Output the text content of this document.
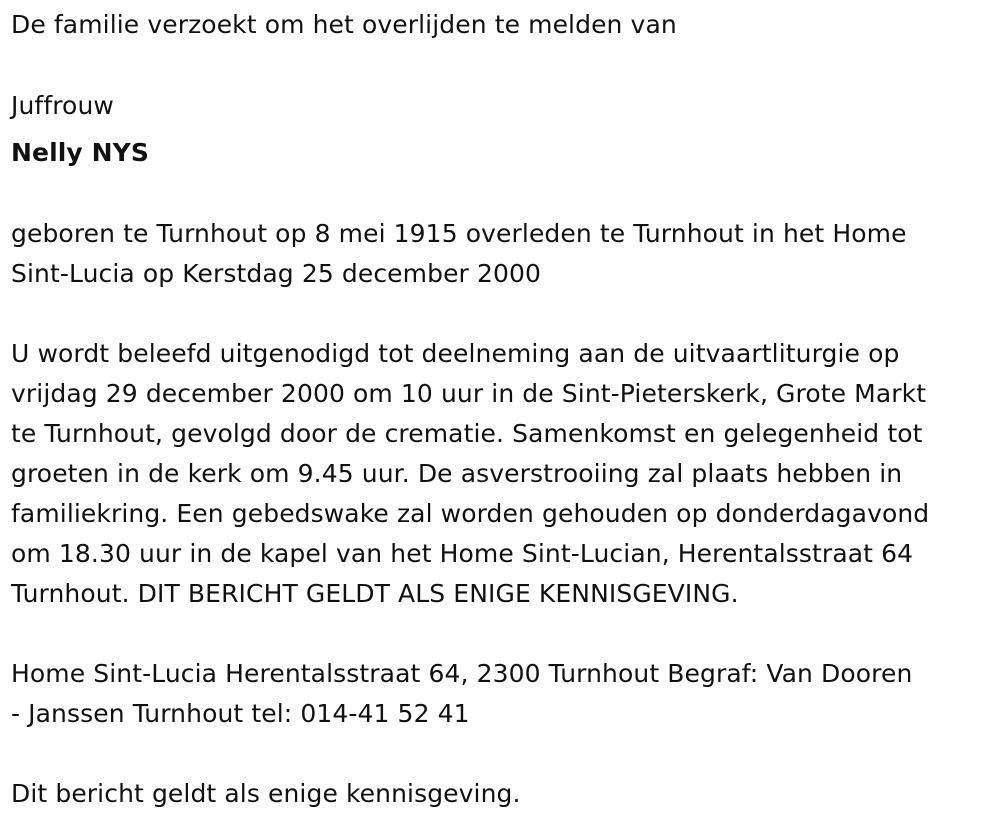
De familie verzoekt om het overlijden te melden van
Juffrouw
Nelly NYS
geboren te Turnhout op 8 mei 1915 overleden te Turnhout in het Home
Sint-Lucia op Kerstdag 25 december 2000
U wordt beleefd uitgenodigd tot deelneming aan de uitvaartliturgie op
vrijdag 29 december 2000 om 10 uur in de Sint-Pieterskerk, Grote Markt
te Turnhout, gevolgd door de crematie. Samenkomst en gelegenheid tot
groeten in de kerk om 9.45 uur. De asverstrooiing zal plaats hebben in
familiekring. Een gebedswake zal worden gehouden op donderdagavond
om 18.30 uur in de kapel van het Home Sint-Lucian, Herentalsstraat 64
Turnhout. DIT BERICHT GELDT ALS ENIGE KENNISGEVING.
Home Sint-Lucia Herentalsstraat 64, 2300 Turnhout Begraf: Van Dooren
- Janssen Turnhout tel: 014-41 52 41
Dit bericht geldt als enige kennisgeving.
